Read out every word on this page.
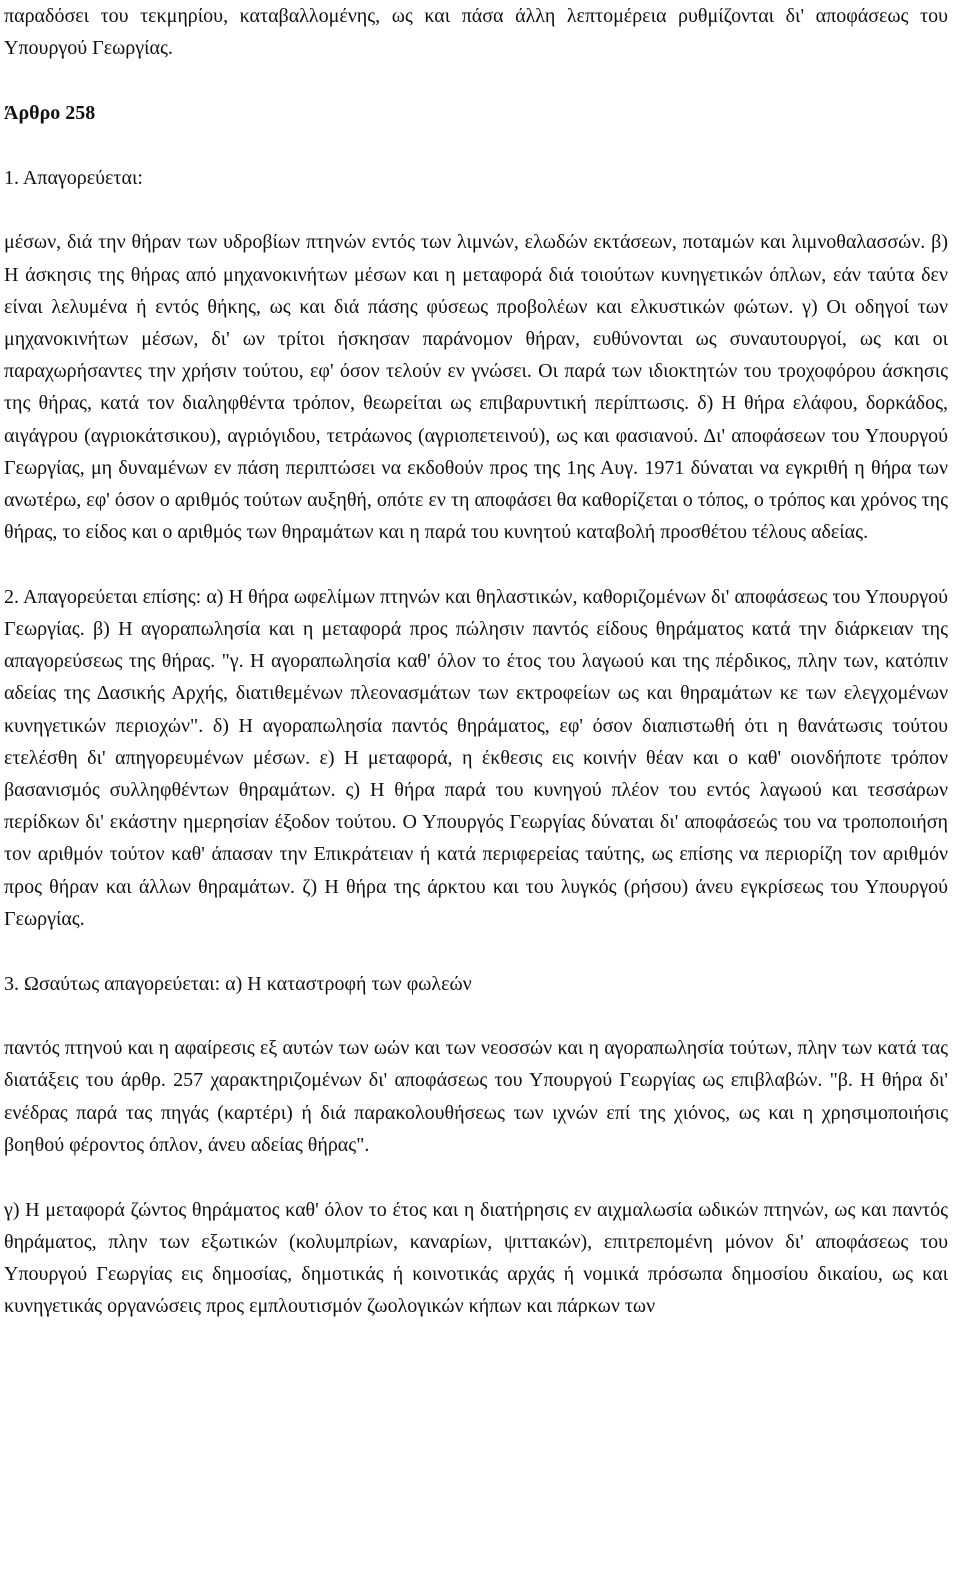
παραδόσει του τεκμηρίου, καταβαλλομένης, ως και πάσα άλλη λεπτομέρεια ρυθμίζονται δι' αποφάσεως του Υπουργού Γεωργίας.

Άρθρο 258

1. Απαγορεύεται:

μέσων, διά την θήραν των υδροβίων πτηνών εντός των λιμνών, ελωδών εκτάσεων, ποταμών και λιμνοθαλασσών. β) Η άσκησις της θήρας από μηχανοκινήτων μέσων και η μεταφορά διά τοιούτων κυνηγετικών όπλων, εάν ταύτα δεν είναι λελυμένα ή εντός θήκης, ως και διά πάσης φύσεως προβολέων και ελκυστικών φώτων. γ) Οι οδηγοί των μηχανοκινήτων μέσων, δι' ων τρίτοι ήσκησαν παράνομον θήραν, ευθύνονται ως συναυτουργοί, ως και οι παραχωρήσαντες την χρήσιν τούτου, εφ' όσον τελούν εν γνώσει. Οι παρά των ιδιοκτητών του τροχοφόρου άσκησις της θήρας, κατά τον διαληφθέντα τρόπον, θεωρείται ως επιβαρυντική περίπτωσις. δ) Η θήρα ελάφου, δορκάδος, αιγάγρου (αγριοκάτσικου), αγριόγιδου, τετράωνος (αγριοπετεινού), ως και φασιανού. Δι' αποφάσεων του Υπουργού Γεωργίας, μη δυναμένων εν πάση περιπτώσει να εκδοθούν προς της 1ης Αυγ. 1971 δύναται να εγκριθή η θήρα των ανωτέρω, εφ' όσον ο αριθμός τούτων αυξηθή, οπότε εν τη αποφάσει θα καθορίζεται ο τόπος, ο τρόπος και χρόνος της θήρας, το είδος και ο αριθμός των θηραμάτων και η παρά του κυνητού καταβολή προσθέτου τέλους αδείας.

2. Απαγορεύεται επίσης: α) Η θήρα ωφελίμων πτηνών και θηλαστικών, καθοριζομένων δι' αποφάσεως του Υπουργού Γεωργίας. β) Η αγοραπωλησία και η μεταφορά προς πώλησιν παντός είδους θηράματος κατά την διάρκειαν της απαγορεύσεως της θήρας. "γ. Η αγοραπωλησία καθ' όλον το έτος του λαγωού και της πέρδικος, πλην των, κατόπιν αδείας της Δασικής Αρχής, διατιθεμένων πλεονασμάτων των εκτροφείων ως και θηραμάτων κε των ελεγχομένων κυνηγετικών περιοχών". δ) Η αγοραπωλησία παντός θηράματος, εφ' όσον διαπιστωθή ότι η θανάτωσις τούτου ετελέσθη δι' απηγορευμένων μέσων. ε) Η μεταφορά, η έκθεσις εις κοινήν θέαν και ο καθ' οιονδήποτε τρόπον βασανισμός συλληφθέντων θηραμάτων. ς) Η θήρα παρά του κυνηγού πλέον του εντός λαγωού και τεσσάρων περίδκων δι' εκάστην ημερησίαν έξοδον τούτου. Ο Υπουργός Γεωργίας δύναται δι' αποφάσεώς του να τροποποιήση τον αριθμόν τούτον καθ' άπασαν την Επικράτειαν ή κατά περιφερείας ταύτης, ως επίσης να περιορίζη τον αριθμόν προς θήραν και άλλων θηραμάτων. ζ) Η θήρα της άρκτου και του λυγκός (ρήσου) άνευ εγκρίσεως του Υπουργού Γεωργίας.

3. Ωσαύτως απαγορεύεται: α) Η καταστροφή των φωλεών

παντός πτηνού και η αφαίρεσις εξ αυτών των ωών και των νεοσσών και η αγοραπωλησία τούτων, πλην των κατά τας διατάξεις του άρθρ. 257 χαρακτηριζομένων δι' αποφάσεως του Υπουργού Γεωργίας ως επιβλαβών. "β. Η θήρα δι' ενέδρας παρά τας πηγάς (καρτέρι) ή διά παρακολουθήσεως των ιχνών επί της χιόνος, ως και η χρησιμοποιήσις βοηθού φέροντος όπλον, άνευ αδείας θήρας".

γ) Η μεταφορά ζώντος θηράματος καθ' όλον το έτος και η διατήρησις εν αιχμαλωσία ωδικών πτηνών, ως και παντός θηράματος, πλην των εξωτικών (κολυμπρίων, καναρίων, ψιττακών), επιτρεπομένη μόνον δι' αποφάσεως του Υπουργού Γεωργίας εις δημοσίας, δημοτικάς ή κοινοτικάς αρχάς ή νομικά πρόσωπα δημοσίου δικαίου, ως και κυνηγετικάς οργανώσεις προς εμπλουτισμόν ζωολογικών κήπων και πάρκων των
